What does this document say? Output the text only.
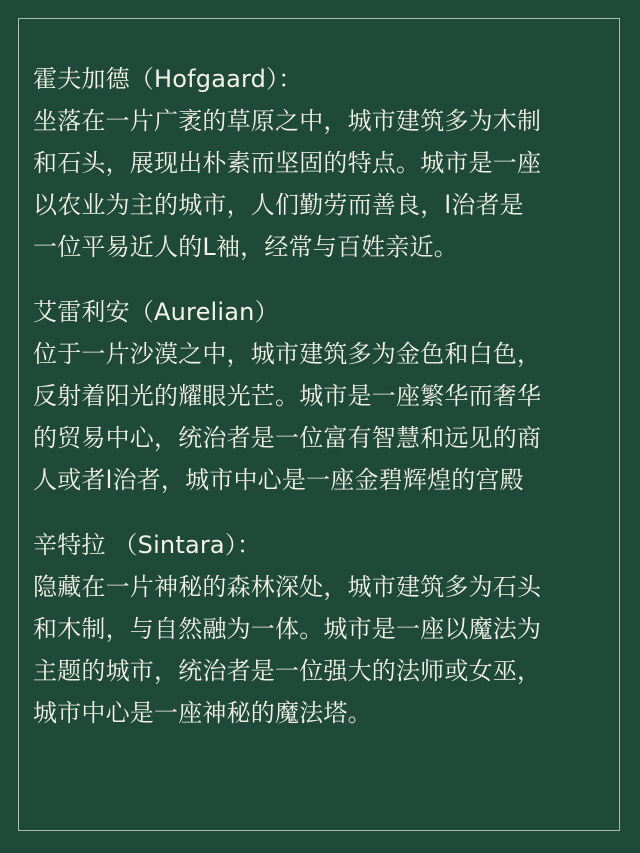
霍夫加德（Hofgaard）：
坐落在一片广袤的草原之中，城市建筑多为木制
和石头，展现出朴素而坚固的特点。城市是一座
以农业为主的城市，人们勤劳而善良，l治者是
一位平易近人的L袖，经常与百姓亲近。
艾雷利安（Aurelian）
位于一片沙漠之中，城市建筑多为金色和白色，
反射着阳光的耀眼光芒。城市是一座繁华而奢华
的贸易中心，统治者是一位富有智慧和远见的商
人或者l治者，城市中心是一座金碧辉煌的宫殿
辛特拉 （Sintara）：
隐藏在一片神秘的森林深处，城市建筑多为石头
和木制，与自然融为一体。城市是一座以魔法为
主题的城市，统治者是一位强大的法师或女巫，
城市中心是一座神秘的魔法塔。
